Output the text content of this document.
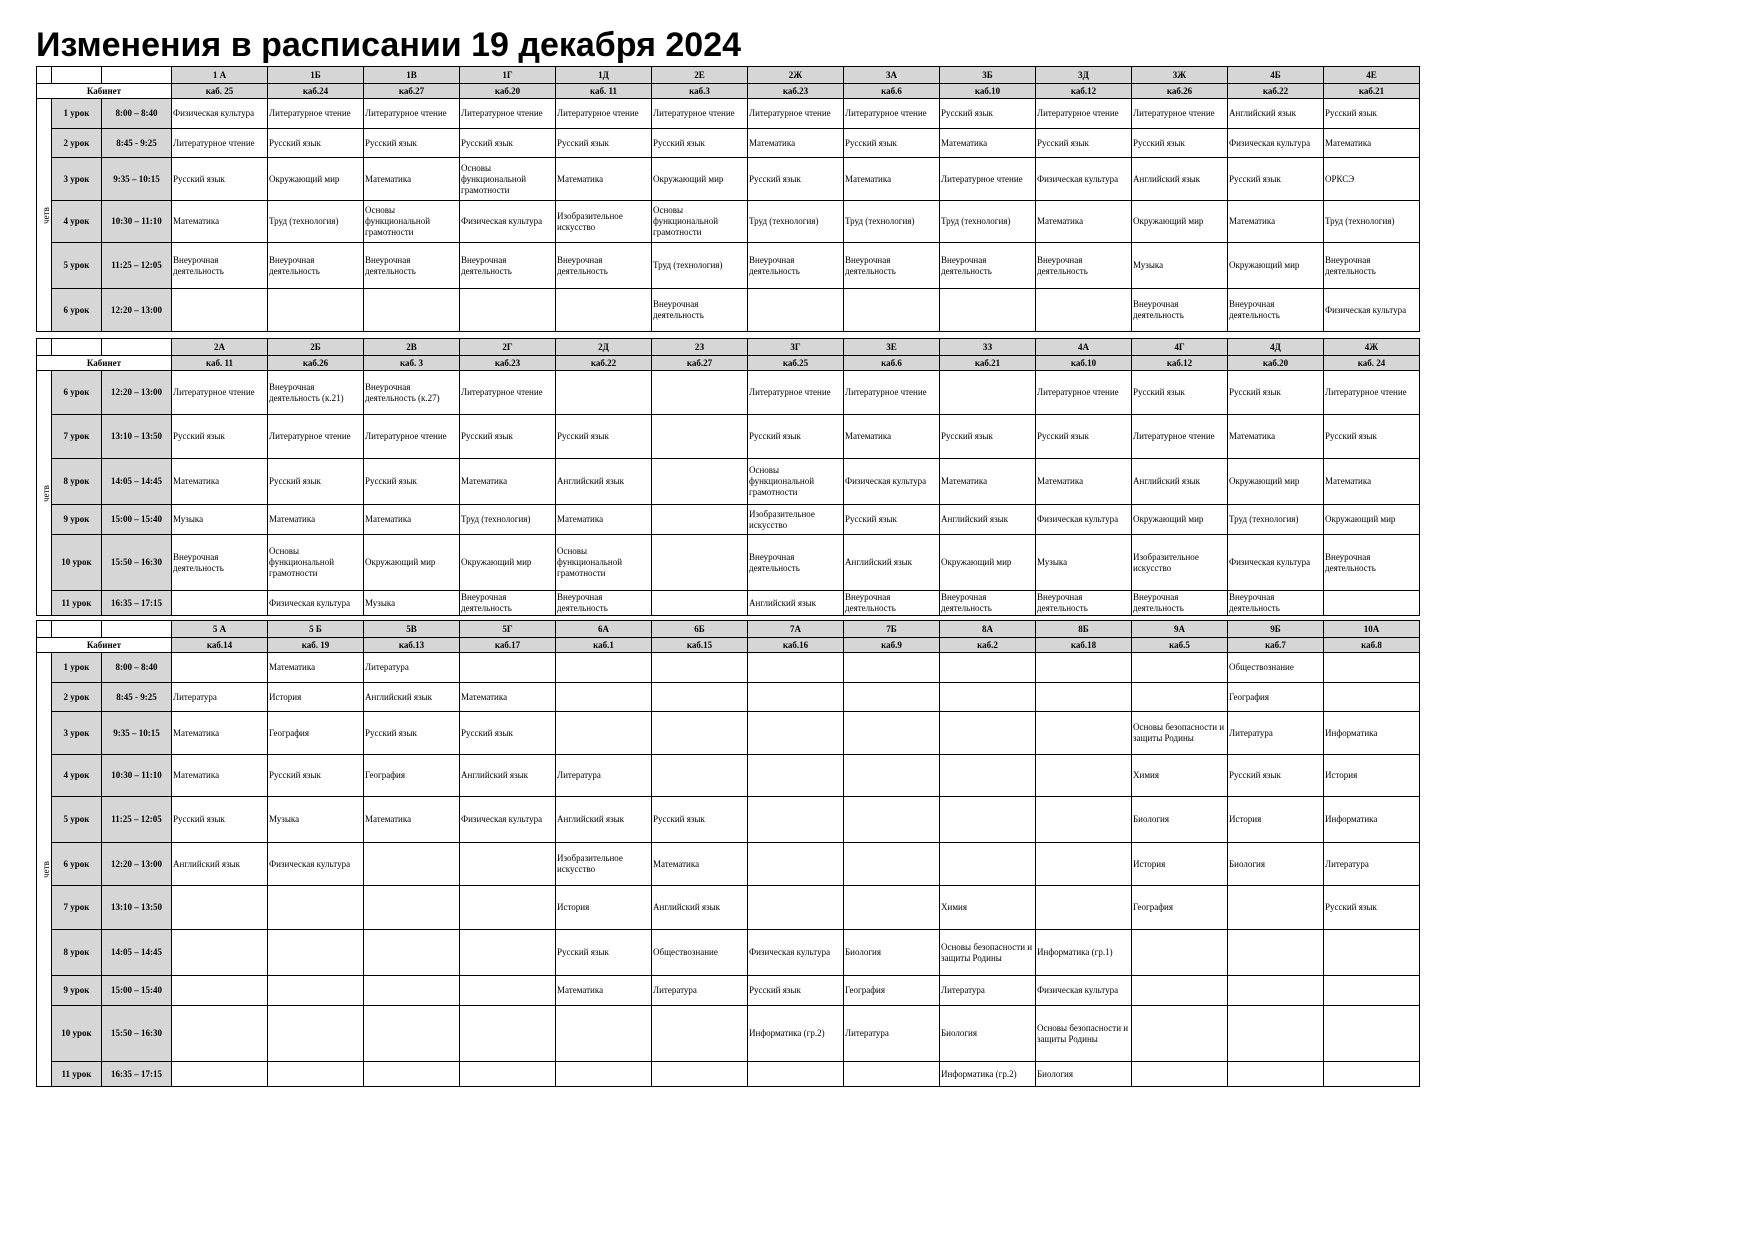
Изменения в расписании 19 декабря 2024
			1 А	1Б	1В	1Г	1Д	2Е	2Ж	3А	3Б	3Д	3Ж	4Б	4Е
Кабинет			каб. 25	каб.24	каб.27	каб.20	каб. 11	каб.3	каб.23	каб.6	каб.10	каб.12	каб.26	каб.22	каб.21
четв	1 урок	8:00 – 8:40	Физическая культура	Литературное чтение	Литературное чтение	Литературное чтение	Литературное чтение	Литературное чтение	Литературное чтение	Литературное чтение	Русский язык	Литературное чтение	Литературное чтение	Английский язык	Русский язык
	2 урок	8:45 - 9:25	Литературное чтение	Русский язык	Русский язык	Русский язык	Русский язык	Русский язык	Математика	Русский язык	Математика	Русский язык	Русский язык	Физическая культура	Математика
	3 урок	9:35 – 10:15	Русский язык	Окружающий мир	Математика	Основы функциональной грамотности	Математика	Окружающий мир	Русский язык	Математика	Литературное чтение	Физическая культура	Английский язык	Русский язык	ОРКСЭ
	4 урок	10:30 – 11:10	Математика	Труд (технология)	Основы функциональной грамотности	Физическая культура	Изобразительное искусство	Основы функциональной грамотности	Труд (технология)	Труд (технология)	Труд (технология)	Математика	Окружающий мир	Математика	Труд (технология)
	5 урок	11:25 – 12:05	Внеурочная деятельность	Внеурочная деятельность	Внеурочная деятельность	Внеурочная деятельность	Внеурочная деятельность	Труд (технология)	Внеурочная деятельность	Внеурочная деятельность	Внеурочная деятельность	Внеурочная деятельность	Музыка	Окружающий мир	Внеурочная деятельность
	6 урок	12:20 – 13:00						Внеурочная деятельность					Внеурочная деятельность	Внеурочная деятельность	Физическая культура
			2А	2Б	2В	2Г	2Д	2З	3Г	3Е	3З	4А	4Г	4Д	4Ж
Кабинет			каб. 11	каб.26	каб. 3	каб.23	каб.22	каб.27	каб.25	каб.6	каб.21	каб.10	каб.12	каб.20	каб. 24
четв	6 урок	12:20 – 13:00	Литературное чтение	Внеурочная деятельность (к.21)	Внеурочная деятельность (к.27)	Литературное чтение			Литературное чтение	Литературное чтение		Литературное чтение	Русский язык	Русский язык	Литературное чтение
	7 урок	13:10 – 13:50	Русский язык	Литературное чтение	Литературное чтение	Русский язык	Русский язык		Русский язык	Математика	Русский язык	Русский язык	Литературное чтение	Математика	Русский язык
	8 урок	14:05 – 14:45	Математика	Русский язык	Русский язык	Математика	Английский язык		Основы функциональной грамотности	Физическая культура	Математика	Математика	Английский язык	Окружающий мир	Математика
	9 урок	15:00 – 15:40	Музыка	Математика	Математика	Труд (технология)	Математика		Изобразительное искусство	Русский язык	Английский язык	Физическая культура	Окружающий мир	Труд (технология)	Окружающий мир
	10 урок	15:50 – 16:30	Внеурочная деятельность	Основы функциональной грамотности	Окружающий мир	Окружающий мир	Основы функциональной грамотности		Внеурочная деятельность	Английский язык	Окружающий мир	Музыка	Изобразительное искусство	Физическая культура	Внеурочная деятельность
	11 урок	16:35 – 17:15		Физическая культура	Музыка	Внеурочная деятельность	Внеурочная деятельность		Английский язык	Внеурочная деятельность	Внеурочная деятельность	Внеурочная деятельность	Внеурочная деятельность	Внеурочная деятельность	
			5 А	5 Б	5В	5Г	6А	6Б	7А	7Б	8А	8Б	9А	9Б	10А
Кабинет			каб.14	каб. 19	каб.13	каб.17	каб.1	каб.15	каб.16	каб.9	каб.2	каб.18	каб.5	каб.7	каб.8
четв	1 урок	8:00 – 8:40		Математика	Литература									Обществознание	
	2 урок	8:45 - 9:25	Литература	История	Английский язык	Математика								География	
	3 урок	9:35 – 10:15	Математика	География	Русский язык	Русский язык							Основы безопасности и защиты Родины	Литература	Информатика
	4 урок	10:30 – 11:10	Математика	Русский язык	География	Английский язык	Литература						Химия	Русский язык	История
	5 урок	11:25 – 12:05	Русский язык	Музыка	Математика	Физическая культура	Английский язык	Русский язык					Биология	История	Информатика
	6 урок	12:20 – 13:00	Английский язык	Физическая культура			Изобразительное искусство	Математика					История	Биология	Литература
	7 урок	13:10 – 13:50					История	Английский язык			Химия		География		Русский язык
	8 урок	14:05 – 14:45					Русский язык	Обществознание	Физическая культура	Биология	Основы безопасности и защиты Родины	Информатика (гр.1)			
	9 урок	15:00 – 15:40					Математика	Литература	Русский язык	География	Литература	Физическая культура			
	10 урок	15:50 – 16:30							Информатика (гр.2)	Литература	Биология	Основы безопасности и защиты Родины			
	11 урок	16:35 – 17:15									Информатика (гр.2)	Биология			
